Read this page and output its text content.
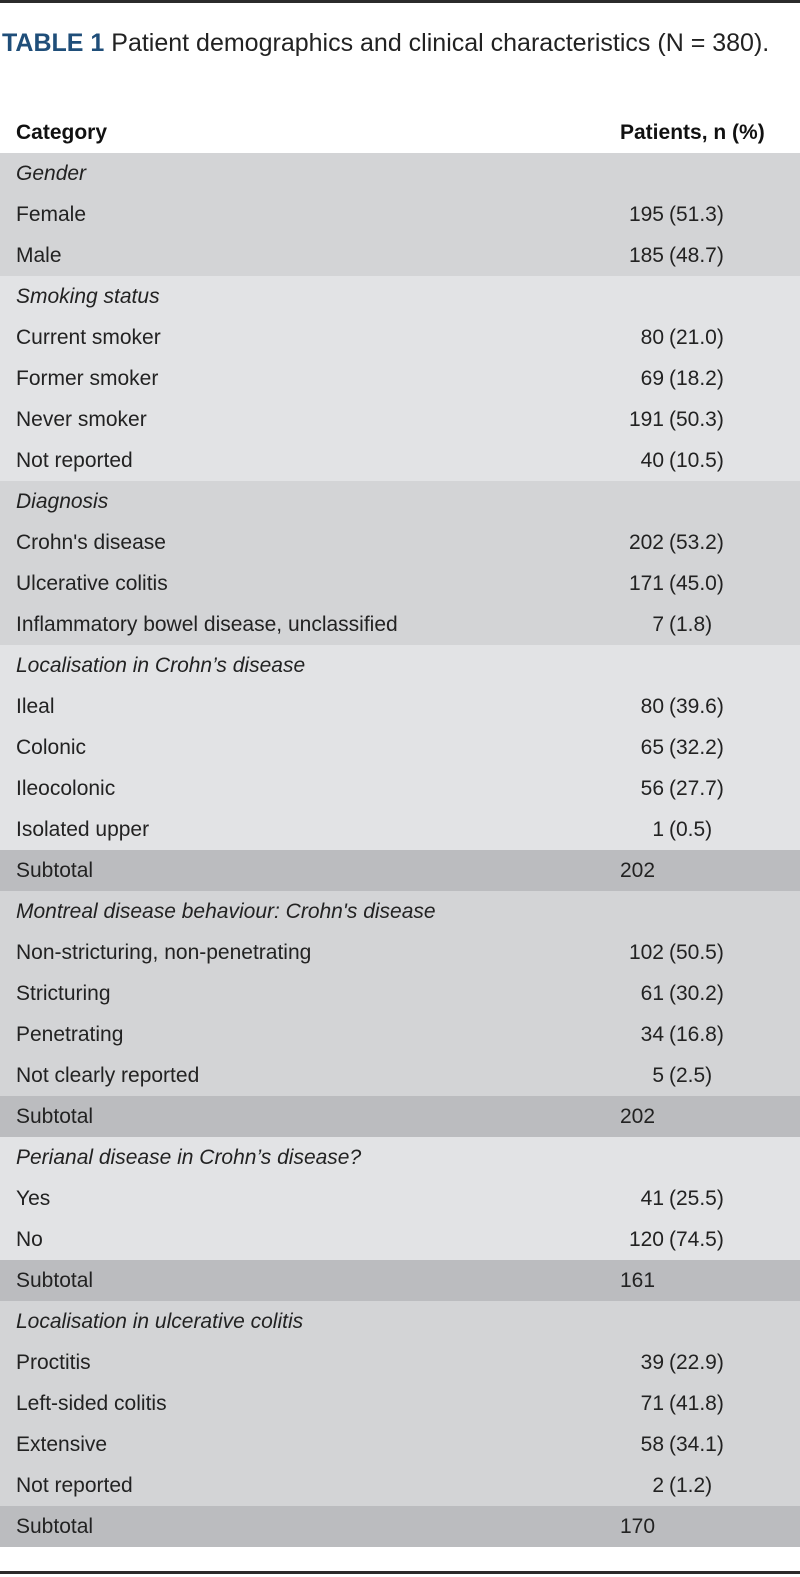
TABLE 1 Patient demographics and clinical characteristics (N = 380).
Category	Patients, n (%)
Gender
Female	195 (51.3)
Male	185 (48.7)
Smoking status
Current smoker	80 (21.0)
Former smoker	69 (18.2)
Never smoker	191 (50.3)
Not reported	40 (10.5)
Diagnosis
Crohn's disease	202 (53.2)
Ulcerative colitis	171 (45.0)
Inflammatory bowel disease, unclassified	7 (1.8)
Localisation in Crohn’s disease
Ileal	80 (39.6)
Colonic	65 (32.2)
Ileocolonic	56 (27.7)
Isolated upper	1 (0.5)
Subtotal	202
Montreal disease behaviour: Crohn's disease
Non-stricturing, non-penetrating	102 (50.5)
Stricturing	61 (30.2)
Penetrating	34 (16.8)
Not clearly reported	5 (2.5)
Subtotal	202
Perianal disease in Crohn’s disease?
Yes	41 (25.5)
No	120 (74.5)
Subtotal	161
Localisation in ulcerative colitis
Proctitis	39 (22.9)
Left-sided colitis	71 (41.8)
Extensive	58 (34.1)
Not reported	2 (1.2)
Subtotal	170
